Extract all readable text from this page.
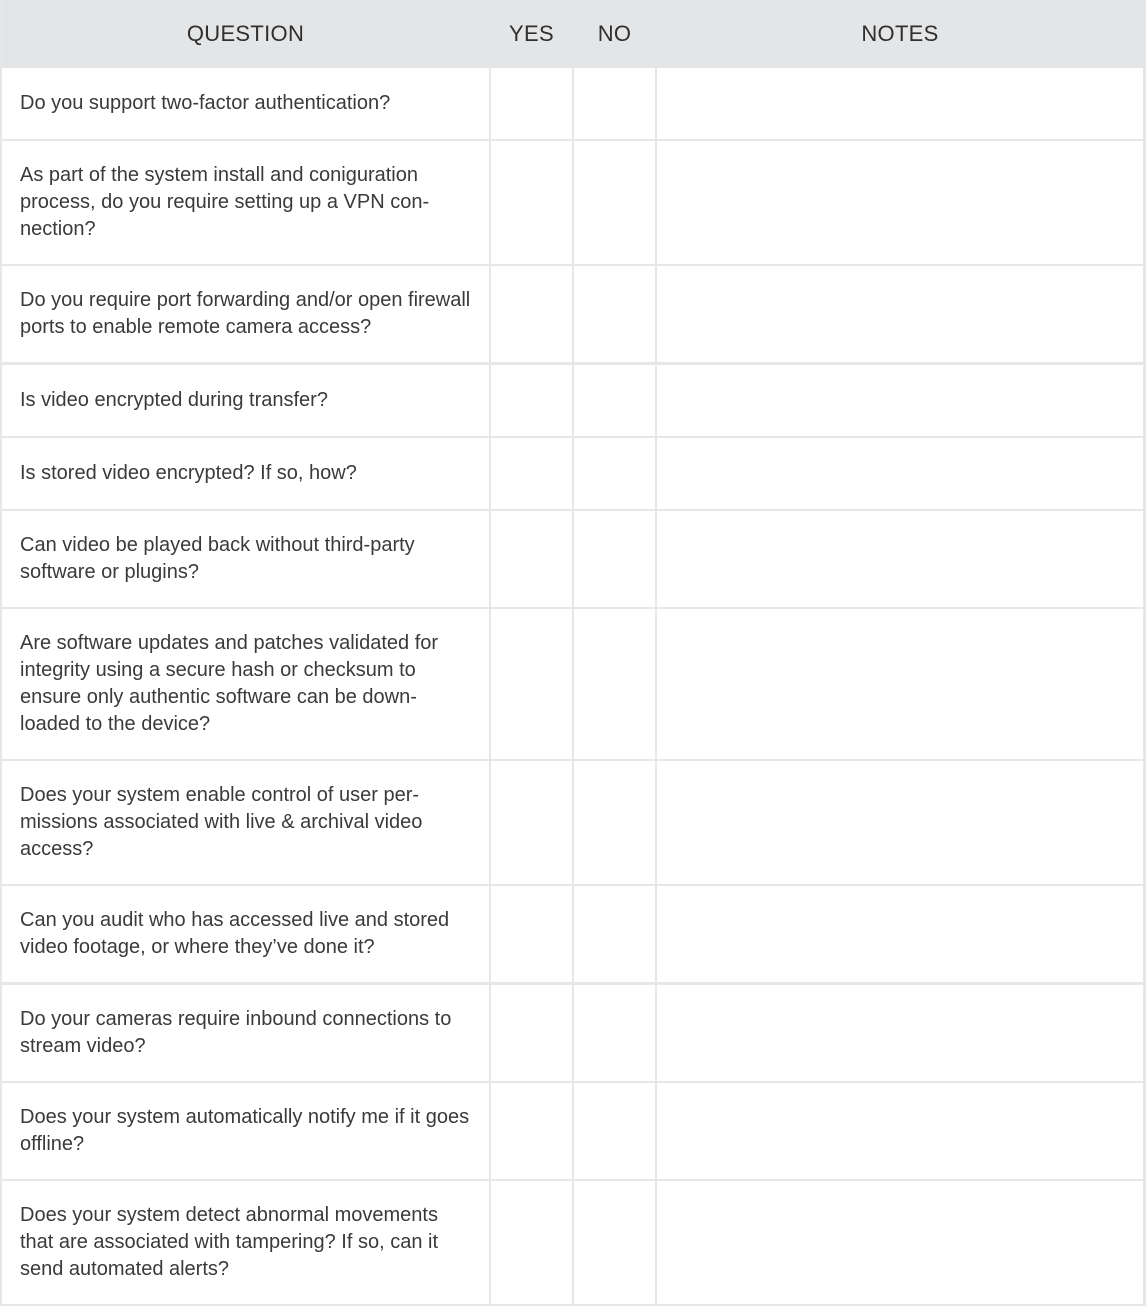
QUESTION	YES	NO	NOTES
Do you support two-factor authentication?
As part of the system install and coniguration process, do you require setting up a VPN con-nection?
Do you require port forwarding and/or open firewall ports to enable remote camera access?
Is video encrypted during transfer?
Is stored video encrypted? If so, how?
Can video be played back without third-party software or plugins?
Are software updates and patches validated for integrity using a secure hash or checksum to ensure only authentic software can be down-loaded to the device?
Does your system enable control of user per-missions associated with live & archival video access?
Can you audit who has accessed live and stored video footage, or where they’ve done it?
Do your cameras require inbound connections to stream video?
Does your system automatically notify me if it goes offline?
Does your system detect abnormal movements that are associated with tampering? If so, can it send automated alerts?
